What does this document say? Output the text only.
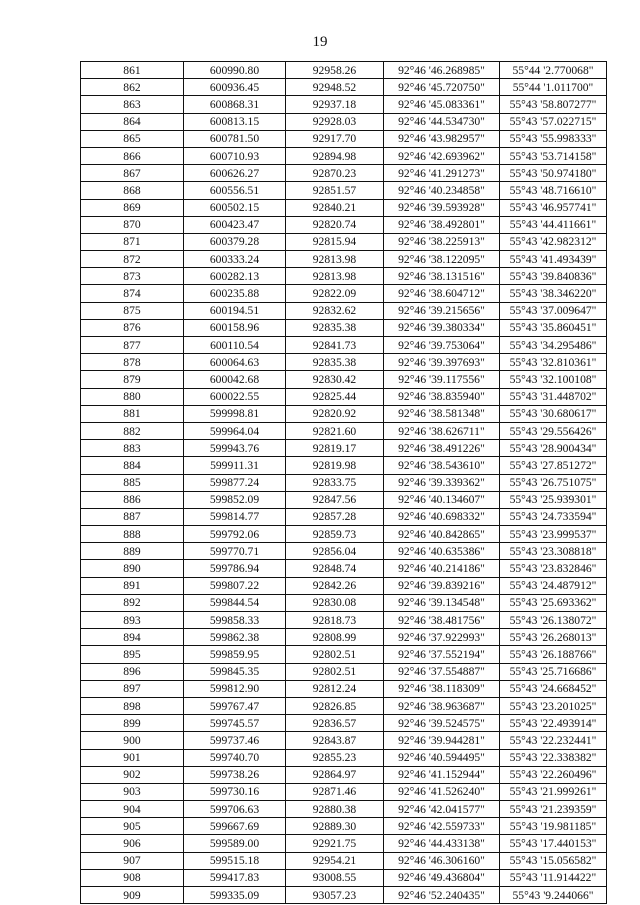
19
861	600990.80	92958.26	92°46 '46.268985"	55°44 '2.770068"
862	600936.45	92948.52	92°46 '45.720750"	55°44 '1.011700"
863	600868.31	92937.18	92°46 '45.083361"	55°43 '58.807277"
864	600813.15	92928.03	92°46 '44.534730"	55°43 '57.022715"
865	600781.50	92917.70	92°46 '43.982957"	55°43 '55.998333"
866	600710.93	92894.98	92°46 '42.693962"	55°43 '53.714158"
867	600626.27	92870.23	92°46 '41.291273"	55°43 '50.974180"
868	600556.51	92851.57	92°46 '40.234858"	55°43 '48.716610"
869	600502.15	92840.21	92°46 '39.593928"	55°43 '46.957741"
870	600423.47	92820.74	92°46 '38.492801"	55°43 '44.411661"
871	600379.28	92815.94	92°46 '38.225913"	55°43 '42.982312"
872	600333.24	92813.98	92°46 '38.122095"	55°43 '41.493439"
873	600282.13	92813.98	92°46 '38.131516"	55°43 '39.840836"
874	600235.88	92822.09	92°46 '38.604712"	55°43 '38.346220"
875	600194.51	92832.62	92°46 '39.215656"	55°43 '37.009647"
876	600158.96	92835.38	92°46 '39.380334"	55°43 '35.860451"
877	600110.54	92841.73	92°46 '39.753064"	55°43 '34.295486"
878	600064.63	92835.38	92°46 '39.397693"	55°43 '32.810361"
879	600042.68	92830.42	92°46 '39.117556"	55°43 '32.100108"
880	600022.55	92825.44	92°46 '38.835940"	55°43 '31.448702"
881	599998.81	92820.92	92°46 '38.581348"	55°43 '30.680617"
882	599964.04	92821.60	92°46 '38.626711"	55°43 '29.556426"
883	599943.76	92819.17	92°46 '38.491226"	55°43 '28.900434"
884	599911.31	92819.98	92°46 '38.543610"	55°43 '27.851272"
885	599877.24	92833.75	92°46 '39.339362"	55°43 '26.751075"
886	599852.09	92847.56	92°46 '40.134607"	55°43 '25.939301"
887	599814.77	92857.28	92°46 '40.698332"	55°43 '24.733594"
888	599792.06	92859.73	92°46 '40.842865"	55°43 '23.999537"
889	599770.71	92856.04	92°46 '40.635386"	55°43 '23.308818"
890	599786.94	92848.74	92°46 '40.214186"	55°43 '23.832846"
891	599807.22	92842.26	92°46 '39.839216"	55°43 '24.487912"
892	599844.54	92830.08	92°46 '39.134548"	55°43 '25.693362"
893	599858.33	92818.73	92°46 '38.481756"	55°43 '26.138072"
894	599862.38	92808.99	92°46 '37.922993"	55°43 '26.268013"
895	599859.95	92802.51	92°46 '37.552194"	55°43 '26.188766"
896	599845.35	92802.51	92°46 '37.554887"	55°43 '25.716686"
897	599812.90	92812.24	92°46 '38.118309"	55°43 '24.668452"
898	599767.47	92826.85	92°46 '38.963687"	55°43 '23.201025"
899	599745.57	92836.57	92°46 '39.524575"	55°43 '22.493914"
900	599737.46	92843.87	92°46 '39.944281"	55°43 '22.232441"
901	599740.70	92855.23	92°46 '40.594495"	55°43 '22.338382"
902	599738.26	92864.97	92°46 '41.152944"	55°43 '22.260496"
903	599730.16	92871.46	92°46 '41.526240"	55°43 '21.999261"
904	599706.63	92880.38	92°46 '42.041577"	55°43 '21.239359"
905	599667.69	92889.30	92°46 '42.559733"	55°43 '19.981185"
906	599589.00	92921.75	92°46 '44.433138"	55°43 '17.440153"
907	599515.18	92954.21	92°46 '46.306160"	55°43 '15.056582"
908	599417.83	93008.55	92°46 '49.436804"	55°43 '11.914422"
909	599335.09	93057.23	92°46 '52.240435"	55°43 '9.244066"
